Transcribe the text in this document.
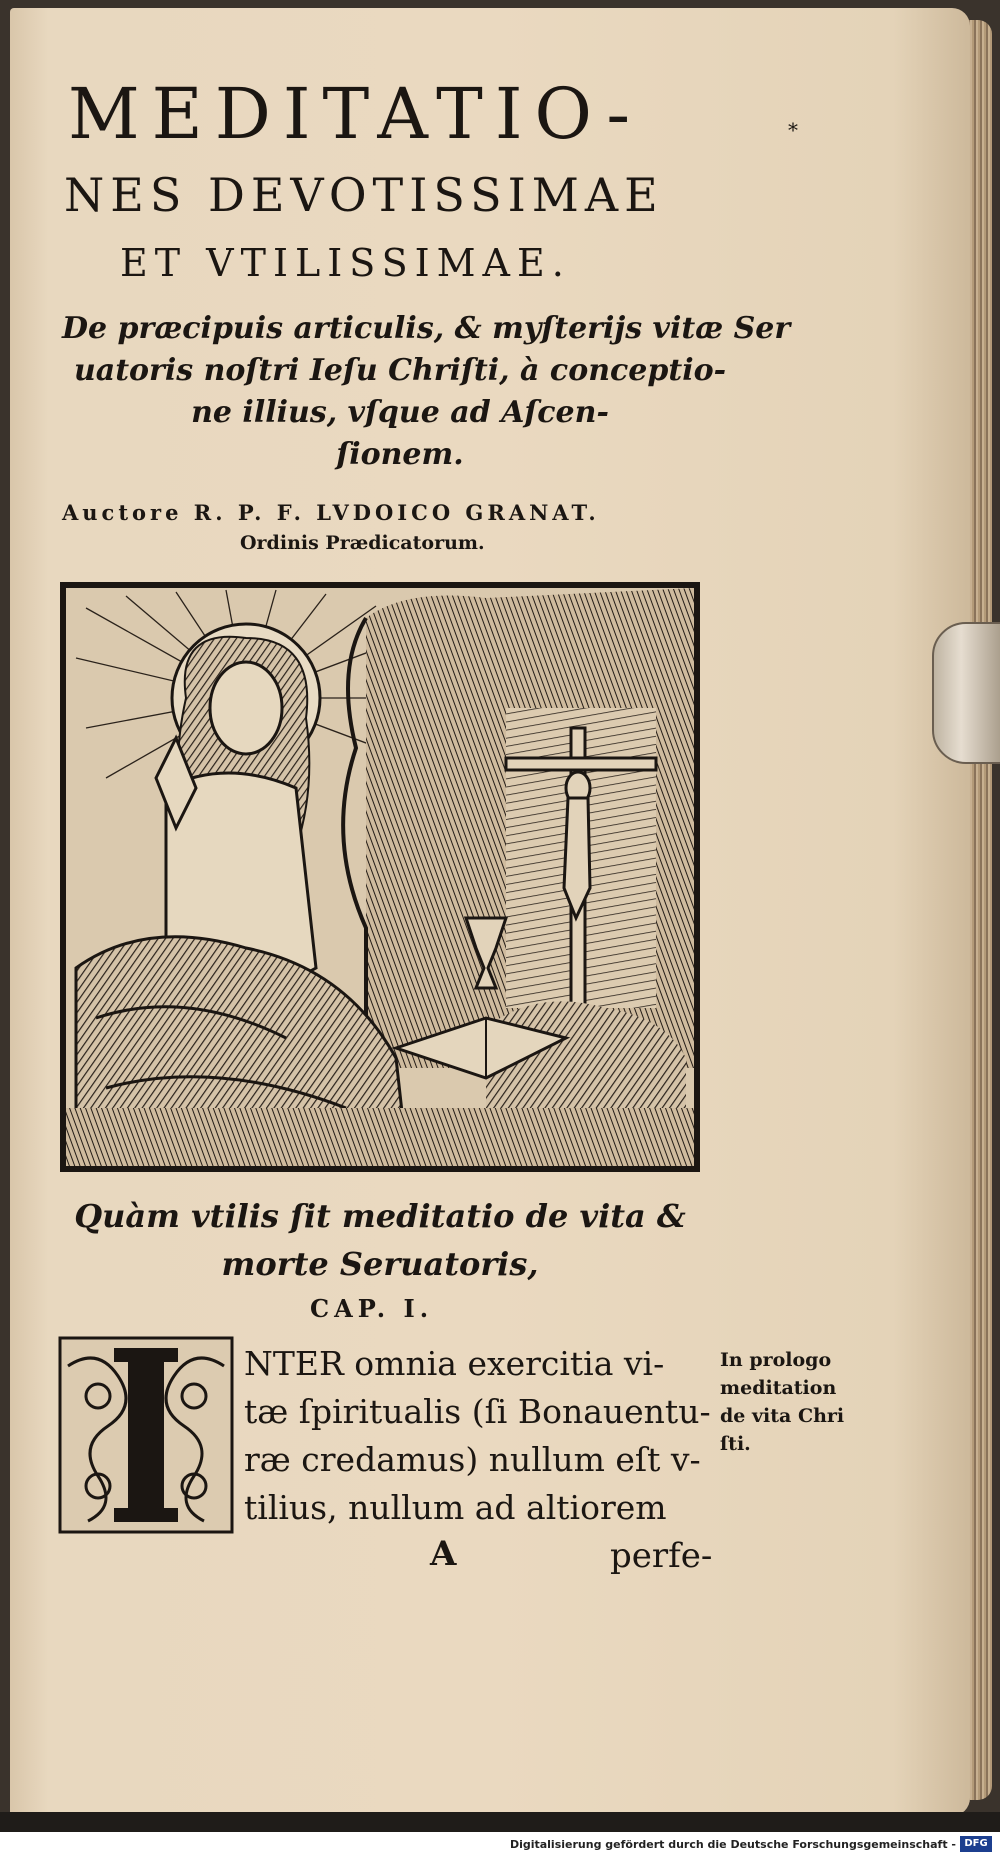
MEDITATIO-	*
NES DEVOTISSIMAE
ET VTILISSIMAE.
De præcipuis articulis, & myſterijs vitæ Ser
uatoris noſtri Ieſu Chriſti, à conceptio-
ne illius, vſque ad Aſcen-
ſionem.
Auctore R. P. F. LVDOICO GRANAT.
Ordinis Prædicatorum.
Quàm vtilis ſit meditatio de vita &
morte Seruatoris,
CAP. I.
NTER omnia exercitia vi-
tæ ſpiritualis (ſi Bonauentu-
ræ credamus) nullum eſt v-
tilius, nullum ad altiorem
In prologo
meditation
de vita Chri
ſti.
A	perfe-
Digitalisierung gefördert durch die Deutsche Forschungsgemeinschaft - DFG
